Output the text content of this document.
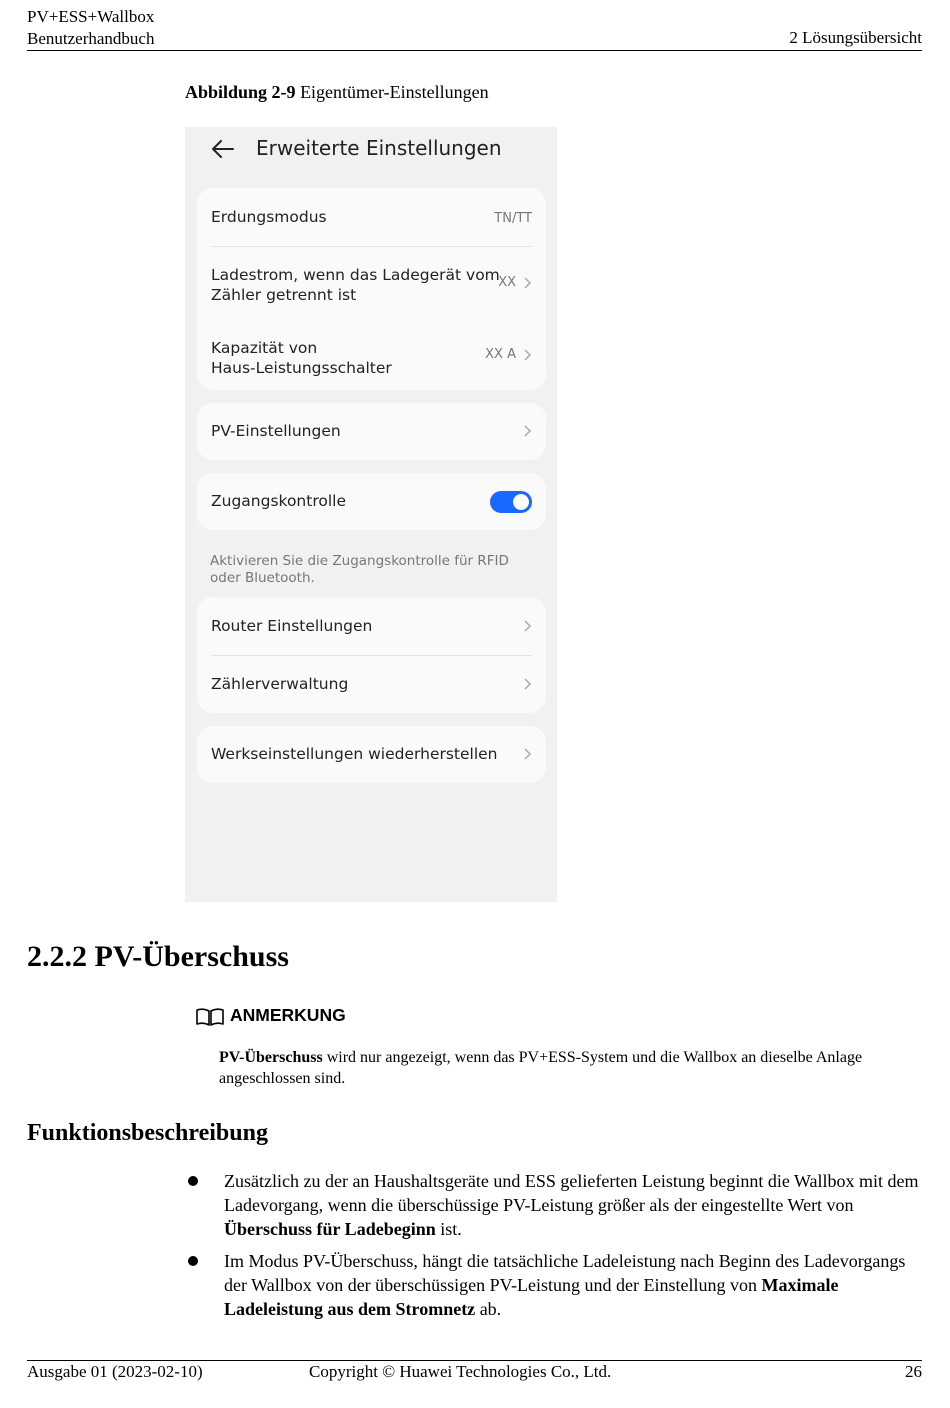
PV+ESS+Wallbox
Benutzerhandbuch	2 Lösungsübersicht
Abbildung 2-9 Eigentümer-Einstellungen
Erweiterte Einstellungen
Erdungsmodus	TN/TT
Ladestrom, wenn das Ladegerät vom
Zähler getrennt ist
XX
Kapazität von
Haus-Leistungsschalter
XX A
PV-Einstellungen
Zugangskontrolle
Aktivieren Sie die Zugangskontrolle für RFID oder Bluetooth.
Router Einstellungen
Zählerverwaltung
Werkseinstellungen wiederherstellen
2.2.2 PV-Überschuss
ANMERKUNG
PV-Überschuss wird nur angezeigt, wenn das PV+ESS-System und die Wallbox an dieselbe Anlage angeschlossen sind.
Funktionsbeschreibung
Zusätzlich zu der an Haushaltsgeräte und ESS gelieferten Leistung beginnt die Wallbox mit dem Ladevorgang, wenn die überschüssige PV-Leistung größer als der eingestellte Wert von Überschuss für Ladebeginn ist.
Im Modus PV-Überschuss, hängt die tatsächliche Ladeleistung nach Beginn des Ladevorgangs der Wallbox von der überschüssigen PV-Leistung und der Einstellung von Maximale Ladeleistung aus dem Stromnetz ab.
Ausgabe 01 (2023-02-10)	Copyright © Huawei Technologies Co., Ltd.	26
